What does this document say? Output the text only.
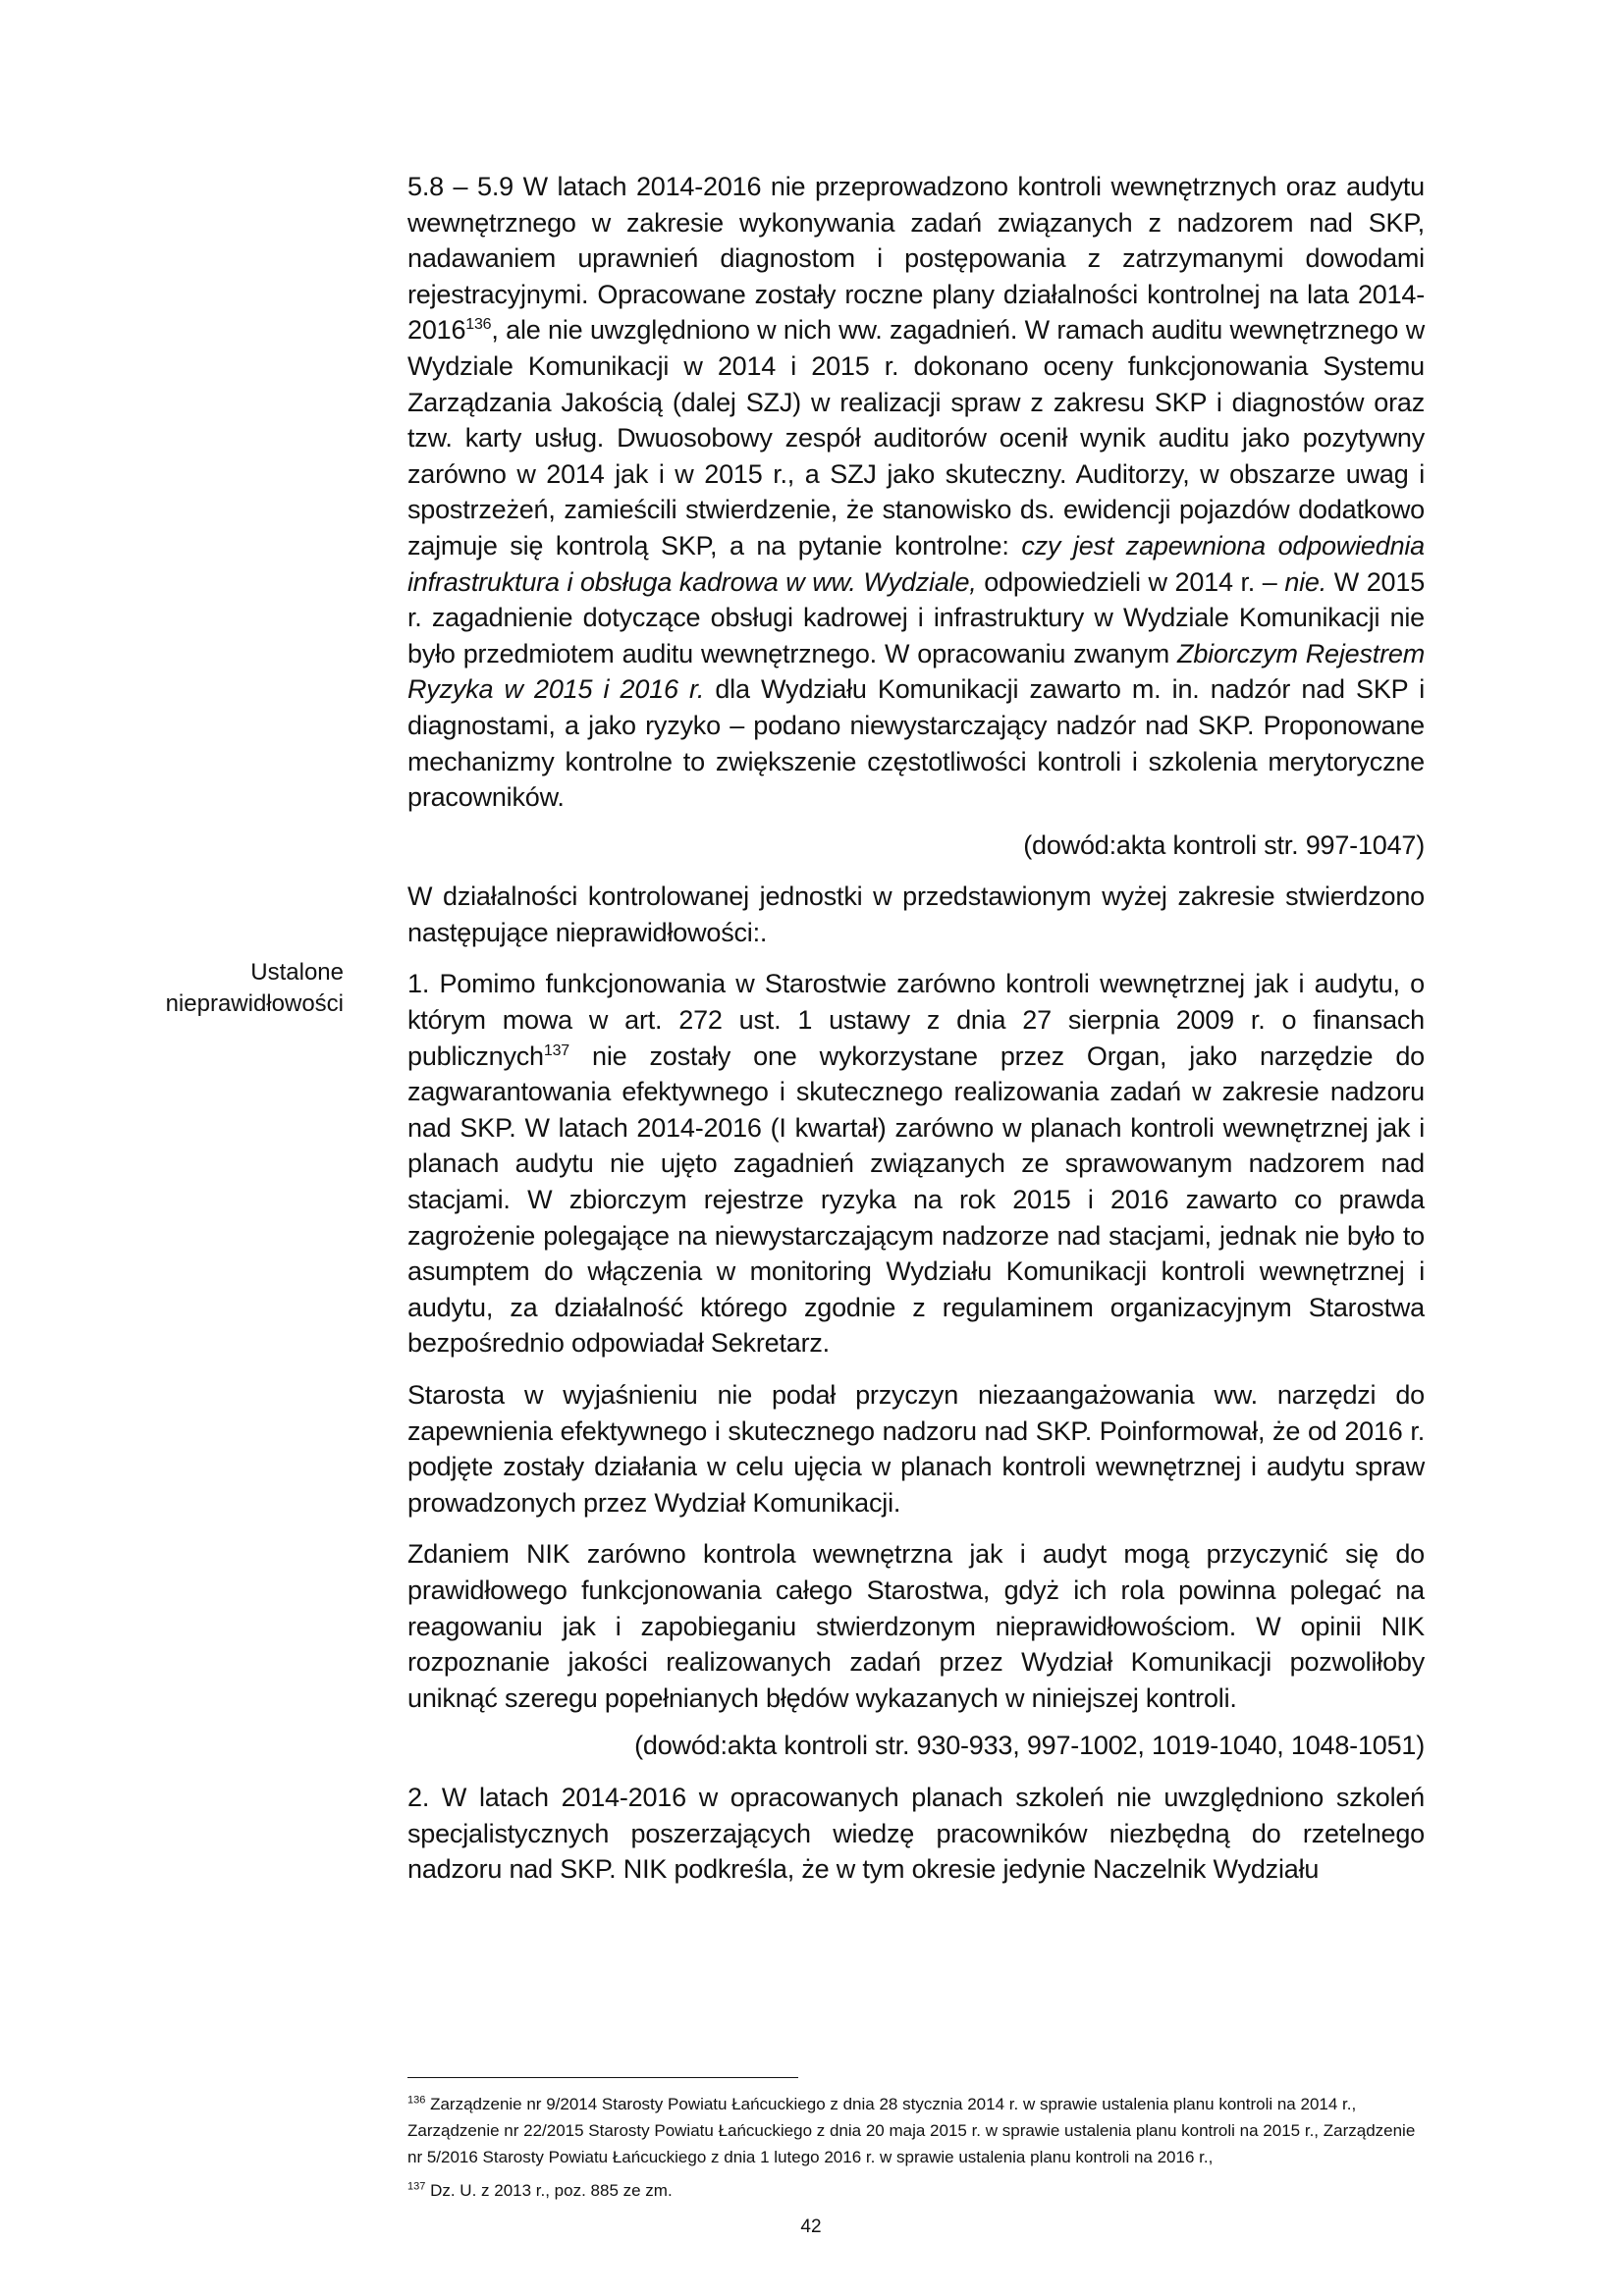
5.8 – 5.9 W latach 2014-2016 nie przeprowadzono kontroli wewnętrznych oraz audytu wewnętrznego w zakresie wykonywania zadań związanych z nadzorem nad SKP, nadawaniem uprawnień diagnostom i postępowania z zatrzymanymi dowodami rejestracyjnymi. Opracowane zostały roczne plany działalności kontrolnej na lata 2014-2016$^{136}$, ale nie uwzględniono w nich ww. zagadnień. W ramach auditu wewnętrznego w Wydziale Komunikacji w 2014 i 2015 r. dokonano oceny funkcjonowania Systemu Zarządzania Jakością (dalej SZJ) w realizacji spraw z zakresu SKP i diagnostów oraz tzw. karty usług. Dwuosobowy zespół auditorów ocenił wynik auditu jako pozytywny zarówno w 2014 jak i w 2015 r., a SZJ jako skuteczny. Auditorzy, w obszarze uwag i spostrzeżeń, zamieścili stwierdzenie, że stanowisko ds. ewidencji pojazdów dodatkowo zajmuje się kontrolą SKP, a na pytanie kontrolne: czy jest zapewniona odpowiednia infrastruktura i obsługa kadrowa w ww. Wydziale, odpowiedzieli w 2014 r. – nie. W 2015 r. zagadnienie dotyczące obsługi kadrowej i infrastruktury w Wydziale Komunikacji nie było przedmiotem auditu wewnętrznego. W opracowaniu zwanym Zbiorczym Rejestrem Ryzyka w 2015 i 2016 r. dla Wydziału Komunikacji zawarto m. in. nadzór nad SKP i diagnostami, a jako ryzyko – podano niewystarczający nadzór nad SKP. Proponowane mechanizmy kontrolne to zwiększenie częstotliwości kontroli i szkolenia merytoryczne pracowników.

(dowód:akta kontroli str. 997-1047)

W działalności kontrolowanej jednostki w przedstawionym wyżej zakresie stwierdzono następujące nieprawidłowości:.

1. Pomimo funkcjonowania w Starostwie zarówno kontroli wewnętrznej jak i audytu, o którym mowa w art. 272 ust. 1 ustawy z dnia 27 sierpnia 2009 r. o finansach publicznych$^{137}$ nie zostały one wykorzystane przez Organ, jako narzędzie do zagwarantowania efektywnego i skutecznego realizowania zadań w zakresie nadzoru nad SKP. W latach 2014-2016 (I kwartał) zarówno w planach kontroli wewnętrznej jak i planach audytu nie ujęto zagadnień związanych ze sprawowanym nadzorem nad stacjami. W zbiorczym rejestrze ryzyka na rok 2015 i 2016 zawarto co prawda zagrożenie polegające na niewystarczającym nadzorze nad stacjami, jednak nie było to asumptem do włączenia w monitoring Wydziału Komunikacji kontroli wewnętrznej i audytu, za działalność którego zgodnie z regulaminem organizacyjnym Starostwa bezpośrednio odpowiadał Sekretarz.

Starosta w wyjaśnieniu nie podał przyczyn niezaangażowania ww. narzędzi do zapewnienia efektywnego i skutecznego nadzoru nad SKP. Poinformował, że od 2016 r. podjęte zostały działania w celu ujęcia w planach kontroli wewnętrznej i audytu spraw prowadzonych przez Wydział Komunikacji.

Zdaniem NIK zarówno kontrola wewnętrzna jak i audyt mogą przyczynić się do prawidłowego funkcjonowania całego Starostwa, gdyż ich rola powinna polegać na reagowaniu jak i zapobieganiu stwierdzonym nieprawidłowościom. W opinii NIK rozpoznanie jakości realizowanych zadań przez Wydział Komunikacji pozwoliłoby uniknąć szeregu popełnianych błędów wykazanych w niniejszej kontroli.

(dowód:akta kontroli str. 930-933, 997-1002, 1019-1040, 1048-1051)

2. W latach 2014-2016 w opracowanych planach szkoleń nie uwzględniono szkoleń specjalistycznych poszerzających wiedzę pracowników niezbędną do rzetelnego nadzoru nad SKP. NIK podkreśla, że w tym okresie jedynie Naczelnik Wydziału

Ustalone
nieprawidłowości

$^{136}$ Zarządzenie nr 9/2014 Starosty Powiatu Łańcuckiego z dnia 28 stycznia 2014 r. w sprawie ustalenia planu kontroli na 2014 r., Zarządzenie nr 22/2015 Starosty Powiatu Łańcuckiego z dnia 20 maja 2015 r. w sprawie ustalenia planu kontroli na 2015 r., Zarządzenie nr 5/2016 Starosty Powiatu Łańcuckiego z dnia 1 lutego 2016 r. w sprawie ustalenia planu kontroli na 2016 r.,

$^{137}$ Dz. U. z 2013 r., poz. 885 ze zm.

42
